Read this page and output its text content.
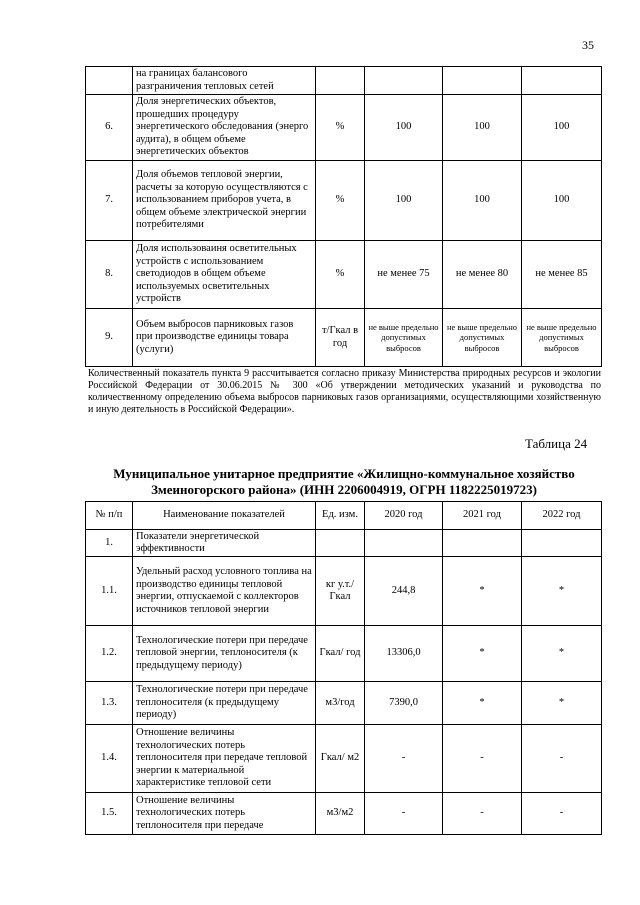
35
	на границах балансового разграничения тепловых сетей				
6.	Доля энергетических объектов, прошедших процедуру энергетического обследования (энерго аудита), в общем объеме энергетических объектов	%	100	100	100
7.	Доля объемов тепловой энергии, расчеты за которую осуществляются с использованием приборов учета, в общем объеме электрической энергии потребителями	%	100	100	100
8.	Доля использоваиня осветительных устройств с использованием светодиодов в общем объеме используемых осветительных устройств	%	не менее 75	не менее 80	не менее 85
9.	Объем выбросов парниковых газов при производстве единицы товара (услуги)	т/Гкал в год	не выше предельно допустимых выбросов	не выше предельно допустимых выбросов	не выше предельно допустимых выбросов
Количественный показатель пункта 9 рассчитывается согласно приказу Министерства природных ресурсов и экологии Российской Федерации от 30.06.2015 № 300 «Об утверждении методических указаний и руководства по количественному определению объема выбросов парниковых газов организациями, осуществляющими хозяйственную и иную деятельность в Российской Федерации».
Таблица 24
Муниципальное унитарное предприятие «Жилищно-коммунальное хозяйство Змеиногорского района» (ИНН 2206004919, ОГРН 1182225019723)
№ п/п	Наименование показателей	Ед. изм.	2020 год	2021 год	2022 год
1.	Показатели энергетической эффективности				
1.1.	Удельный расход условного топлива на производство единицы тепловой энергии, отпускаемой с коллекторов источников тепловой энергии	кг у.т./ Гкал	244,8	*	*
1.2.	Технологические потери при передаче тепловой энергии, теплоносителя (к предыдущему периоду)	Гкал/ год	13306,0	*	*
1.3.	Технологические потери при передаче теплоносителя (к предыдущему периоду)	м3/год	7390,0	*	*
1.4.	Отношение величины технологических потерь теплоносителя при передаче тепловой энергии к материальной характеристике тепловой сети	Гкал/ м2	-	-	-
1.5.	Отношение величины технологических потерь теплоносителя при передаче	м3/м2	-	-	-
